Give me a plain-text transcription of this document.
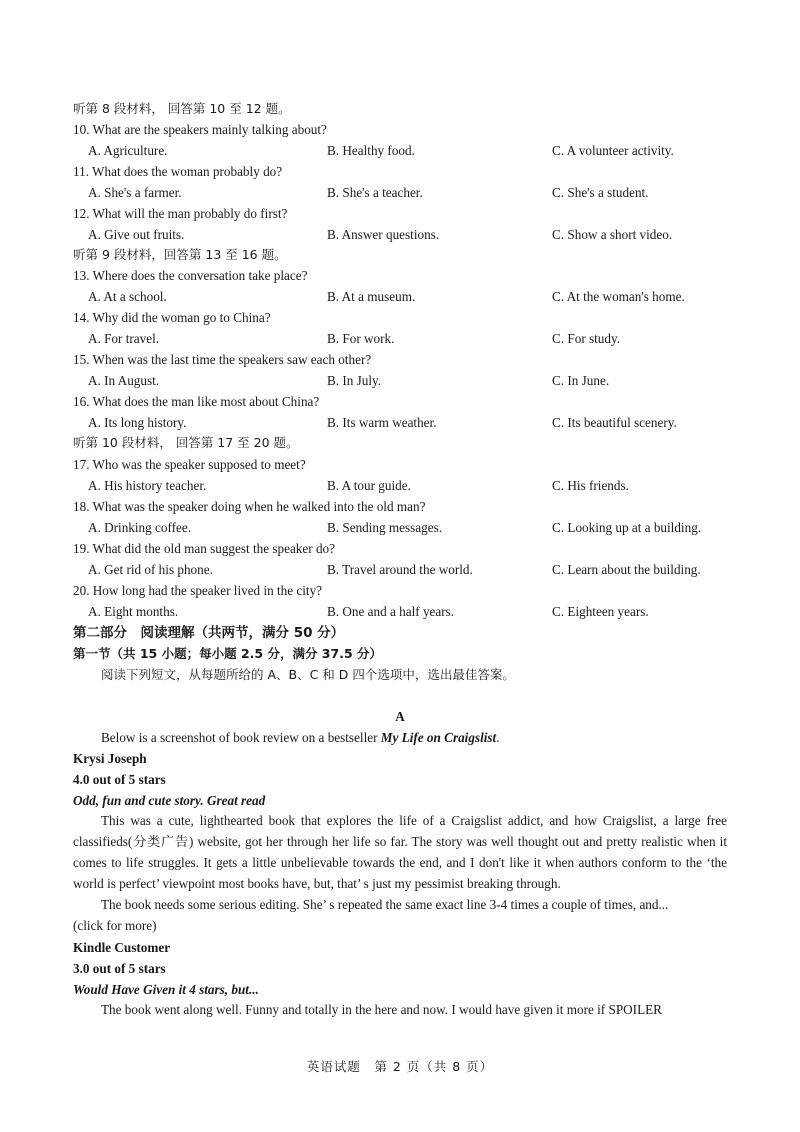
听第 8 段材料， 回答第 10 至 12 题。
10. What are the speakers mainly talking about?
A. Agriculture.	B. Healthy food.	C. A volunteer activity.
11. What does the woman probably do?
A. She's a farmer.	B. She's a teacher.	C. She's a student.
12. What will the man probably do first?
A. Give out fruits.	B. Answer questions.	C. Show a short video.
听第 9 段材料，回答第 13 至 16 题。
13. Where does the conversation take place?
A. At a school.	B. At a museum.	C. At the woman's home.
14. Why did the woman go to China?
A. For travel.	B. For work.	C. For study.
15. When was the last time the speakers saw each other?
A. In August.	B. In July.	C. In June.
16. What does the man like most about China?
A. Its long history.	B. Its warm weather.	C. Its beautiful scenery.
听第 10 段材料， 回答第 17 至 20 题。
17. Who was the speaker supposed to meet?
A. His history teacher.	B. A tour guide.	C. His friends.
18. What was the speaker doing when he walked into the old man?
A. Drinking coffee.	B. Sending messages.	C. Looking up at a building.
19. What did the old man suggest the speaker do?
A. Get rid of his phone.	B. Travel around the world.	C. Learn about the building.
20. How long had the speaker lived in the city?
A. Eight months.	B. One and a half years.	C. Eighteen years.
第二部分　阅读理解（共两节，满分 50 分）
第一节（共 15 小题；每小题 2.5 分，满分 37.5 分）
阅读下列短文，从每题所给的 A、B、C 和 D 四个选项中，选出最佳答案。
A
Below is a screenshot of book review on a bestseller My Life on Craigslist.
Krysi Joseph
4.0 out of 5 stars
Odd, fun and cute story. Great read

This was a cute, lighthearted book that explores the life of a Craigslist addict, and how Craigslist, a large free classifieds(分类广告) website, got her through her life so far. The story was well thought out and pretty realistic when it comes to life struggles. It gets a little unbelievable towards the end, and I don't like it when authors conform to the ‘the world is perfect’ viewpoint most books have, but, that’ s just my pessimist breaking through.

The book needs some serious editing. She’ s repeated the same exact line 3-4 times a couple of times, and...

(click for more)

Kindle Customer
3.0 out of 5 stars
Would Have Given it 4 stars, but...

The book went along well. Funny and totally in the here and now. I would have given it more if SPOILER

英语试题　第 2 页（共 8 页）
